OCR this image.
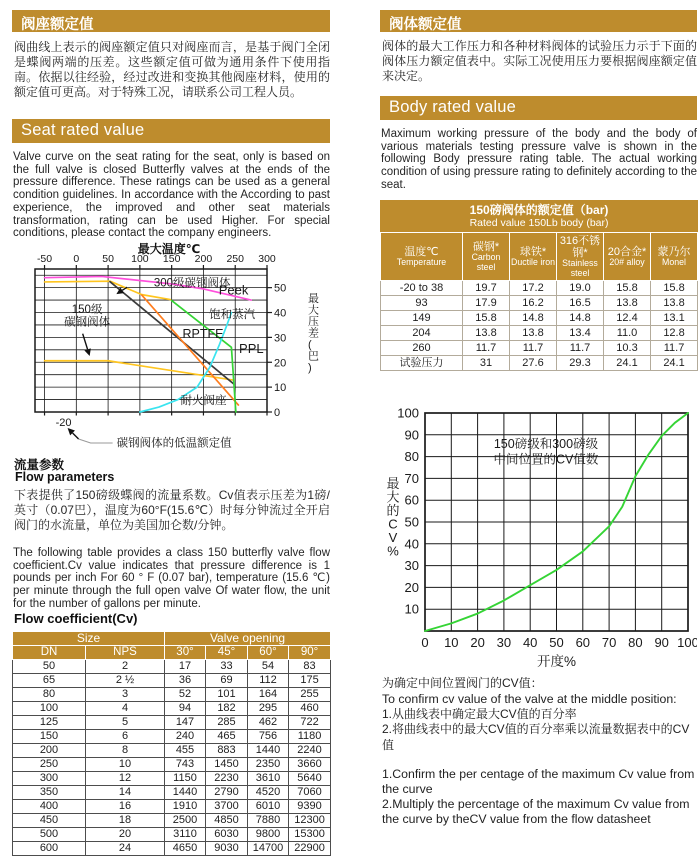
阀座额定值
阀曲线上表示的阀座额定值只对阀座而言，是基于阀门全闭是蝶阀两端的压差。这些额定值可做为通用条件下使用指南。依据以往经验，经过改进和变换其他阀座材料，使用的额定值可更高。对于特殊工况，请联系公司工程人员。
Seat rated value
Valve curve on the seat rating for the seat, only is based on the full valve is closed Butterfly valves at the ends of the pressure difference. These ratings can be used as a general condition guidelines. In accordance with the According to past experience, the improved and other seat materials transformation, rating can be used Higher. For special conditions, please contact the company engineers.
-50 0 50 100 150 200 250 300
最大温度℃
50
40
30
20
10
0
最大压差(巴)
300级碳钢阀体
Peek
饱和蒸汽
RPTFE
PPL
耐火阀座
150级
碳钢阀体
-20
碳钢阀体的低温额定值
流量参数
Flow parameters
下表提供了150磅级蝶阀的流量系数。Cv值表示压差为1磅/英寸（0.07巴），温度为60°F(15.6℃）时每分钟流过全开启阀门的水流量，单位为美国加仑数/分钟。
The following table provides a class 150 butterfly valve flow coefficient.Cv value indicates that pressure difference is 1 pounds per inch For 60 ° F (0.07 bar), temperature (15.6 ℃) per minute through the full open valve Of water flow, the unit for the number of gallons per minute.
Flow coefficient(Cv)
Size		Valve opening			
DN	NPS	30°	45°	60°	90°
50	2	17	33	54	83
65	2 ½	36	69	112	175
80	3	52	101	164	255
100	4	94	182	295	460
125	5	147	285	462	722
150	6	240	465	756	1180
200	8	455	883	1440	2240
250	10	743	1450	2350	3660
300	12	1150	2230	3610	5640
350	14	1440	2790	4520	7060
400	16	1910	3700	6010	9390
450	18	2500	4850	7880	12300
500	20	3110	6030	9800	15300
600	24	4650	9030	14700	22900
阀体额定值
阀体的最大工作压力和各种材料阀体的试验压力示于下面的阀体压力额定值表中。实际工况使用压力要根据阀座额定值来决定。
Body rated value
Maximum working pressure of the body and the body of various materials testing pressure valve is shown in the following Body pressure rating table. The actual working condition of using pressure rating to definitely according to the seat.
150磅阀体的额定值（bar)
Rated value 150Lb body (bar)					

温度℃
Temperature

碳钢*
Carbon steel

球铁*
Ductile iron

316不锈钢*
Stainless steel

20合金*
20# alloy

蒙乃尔
Monel

-20 to 38	19.7	17.2	19.0	15.8	15.8
93	17.9	16.2	16.5	13.8	13.8
149	15.8	14.8	14.8	12.4	13.1
204	13.8	13.8	13.4	11.0	12.8
260	11.7	11.7	11.7	10.3	11.7
试验压力	31	27.6	29.3	24.1	24.1
0 10 20 30 40 50 60 70 80 90 100
100
90
80
70
60
50
40
30
20
10
开度%
最大的 C V %
150磅级和300磅级
中间位置的CV值数
为确定中间位置阀门的CV值：
To confirm cv value of the valve at the middle position:
1.从曲线表中确定最大CV值的百分率
2.将曲线表中的最大CV值的百分率乘以流量数据表中的CV值
1.Confirm the per centage of the maximum Cv value from the curve
2.Multiply the percentage of the maximum Cv value from the curve by theCV value from the flow datasheet
